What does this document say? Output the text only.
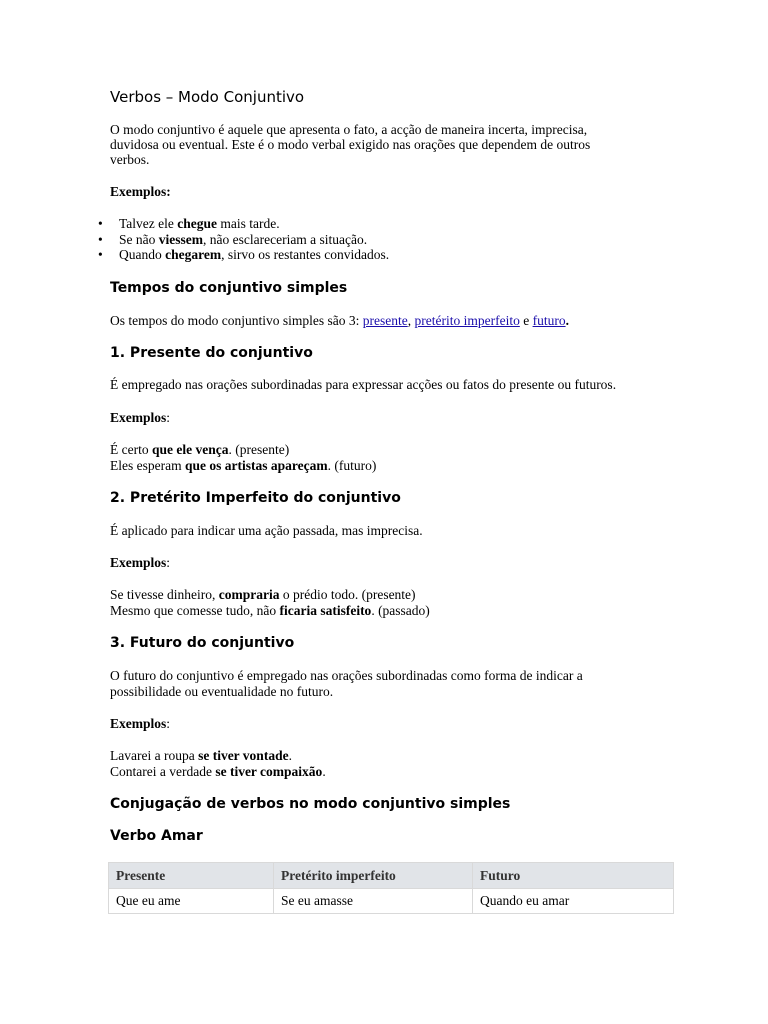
Verbos – Modo Conjuntivo
O modo conjuntivo é aquele que apresenta o fato, a acção de maneira incerta, imprecisa,
duvidosa ou eventual. Este é o modo verbal exigido nas orações que dependem de outros
verbos.
Exemplos:
• Talvez ele chegue mais tarde.
• Se não viessem, não esclareceriam a situação.
• Quando chegarem, sirvo os restantes convidados.
Tempos do conjuntivo simples
Os tempos do modo conjuntivo simples são 3: presente, pretérito imperfeito e futuro.
1. Presente do conjuntivo
É empregado nas orações subordinadas para expressar acções ou fatos do presente ou futuros.
Exemplos:
É certo que ele vença. (presente)
Eles esperam que os artistas apareçam. (futuro)
2. Pretérito Imperfeito do conjuntivo
É aplicado para indicar uma ação passada, mas imprecisa.
Exemplos:
Se tivesse dinheiro, compraria o prédio todo. (presente)
Mesmo que comesse tudo, não ficaria satisfeito. (passado)
3. Futuro do conjuntivo
O futuro do conjuntivo é empregado nas orações subordinadas como forma de indicar a
possibilidade ou eventualidade no futuro.
Exemplos:
Lavarei a roupa se tiver vontade.
Contarei a verdade se tiver compaixão.
Conjugação de verbos no modo conjuntivo simples
Verbo Amar
Presente	Pretérito imperfeito	Futuro
Que eu ame	Se eu amasse	Quando eu amar
